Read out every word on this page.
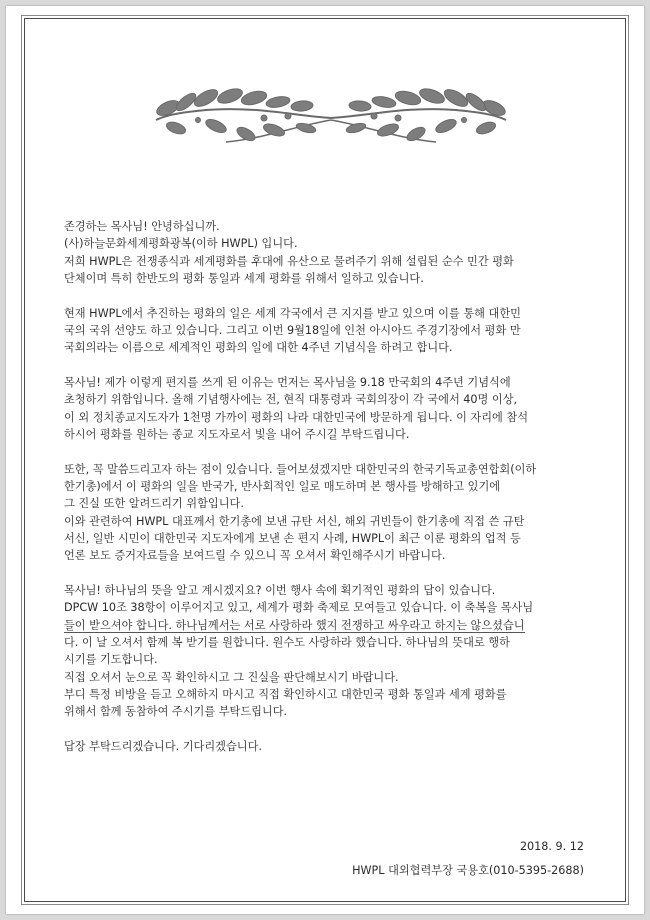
존경하는 목사님! 안녕하십니까.
(사)하늘문화세계평화광복(이하 HWPL) 입니다.
저희 HWPL은 전쟁종식과 세계평화를 후대에 유산으로 물려주기 위해 설립된 순수 민간 평화
단체이며 특히 한반도의 평화 통일과 세계 평화를 위해서 일하고 있습니다.
현재 HWPL에서 추진하는 평화의 일은 세계 각국에서 큰 지지를 받고 있으며 이를 통해 대한민
국의 국위 선양도 하고 있습니다. 그리고 이번 9월18일에 인천 아시아드 주경기장에서 평화 만
국회의라는 이름으로 세계적인 평화의 일에 대한 4주년 기념식을 하려고 합니다.
목사님! 제가 이렇게 편지를 쓰게 된 이유는 먼저는 목사님을 9.18 만국회의 4주년 기념식에
초청하기 위함입니다. 올해 기념행사에는 전, 현직 대통령과 국회의장이 각 국에서 40명 이상,
이 외 정치종교지도자가 1천명 가까이 평화의 나라 대한민국에 방문하게 됩니다. 이 자리에 참석
하시어 평화를 원하는 종교 지도자로서 빛을 내어 주시길 부탁드립니다.
또한, 꼭 말씀드리고자 하는 점이 있습니다. 들어보셨겠지만 대한민국의 한국기독교총연합회(이하
한기총)에서 이 평화의 일을 반국가, 반사회적인 일로 매도하며 본 행사를 방해하고 있기에
그 진실 또한 알려드리기 위함입니다.
이와 관련하여 HWPL 대표께서 한기총에 보낸 규탄 서신, 해외 귀빈들이 한기총에 직접 쓴 규탄
서신, 일반 시민이 대한민국 지도자에게 보낸 손 편지 사례, HWPL이 최근 이룬 평화의 업적 등
언론 보도 증거자료들을 보여드릴 수 있으니 꼭 오셔서 확인해주시기 바랍니다.
목사님! 하나님의 뜻을 알고 계시겠지요? 이번 행사 속에 획기적인 평화의 답이 있습니다.
DPCW 10조 38항이 이루어지고 있고, 세계가 평화 축제로 모여들고 있습니다. 이 축복을 목사님
들이 받으셔야 합니다. 하나님께서는 서로 사랑하라 했지 전쟁하고 싸우라고 하지는 않으셨습니
다. 이 날 오셔서 함께 복 받기를 원합니다. 원수도 사랑하라 했습니다. 하나님의 뜻대로 행하
시기를 기도합니다.
직접 오셔서 눈으로 꼭 확인하시고 그 진실을 판단해보시기 바랍니다.
부디 특정 비방을 듣고 오해하지 마시고 직접 확인하시고 대한민국 평화 통일과 세계 평화를
위해서 함께 동참하여 주시기를 부탁드립니다.
답장 부탁드리겠습니다. 기다리겠습니다.
2018. 9. 12
HWPL 대외협력부장 국용호(010-5395-2688)
